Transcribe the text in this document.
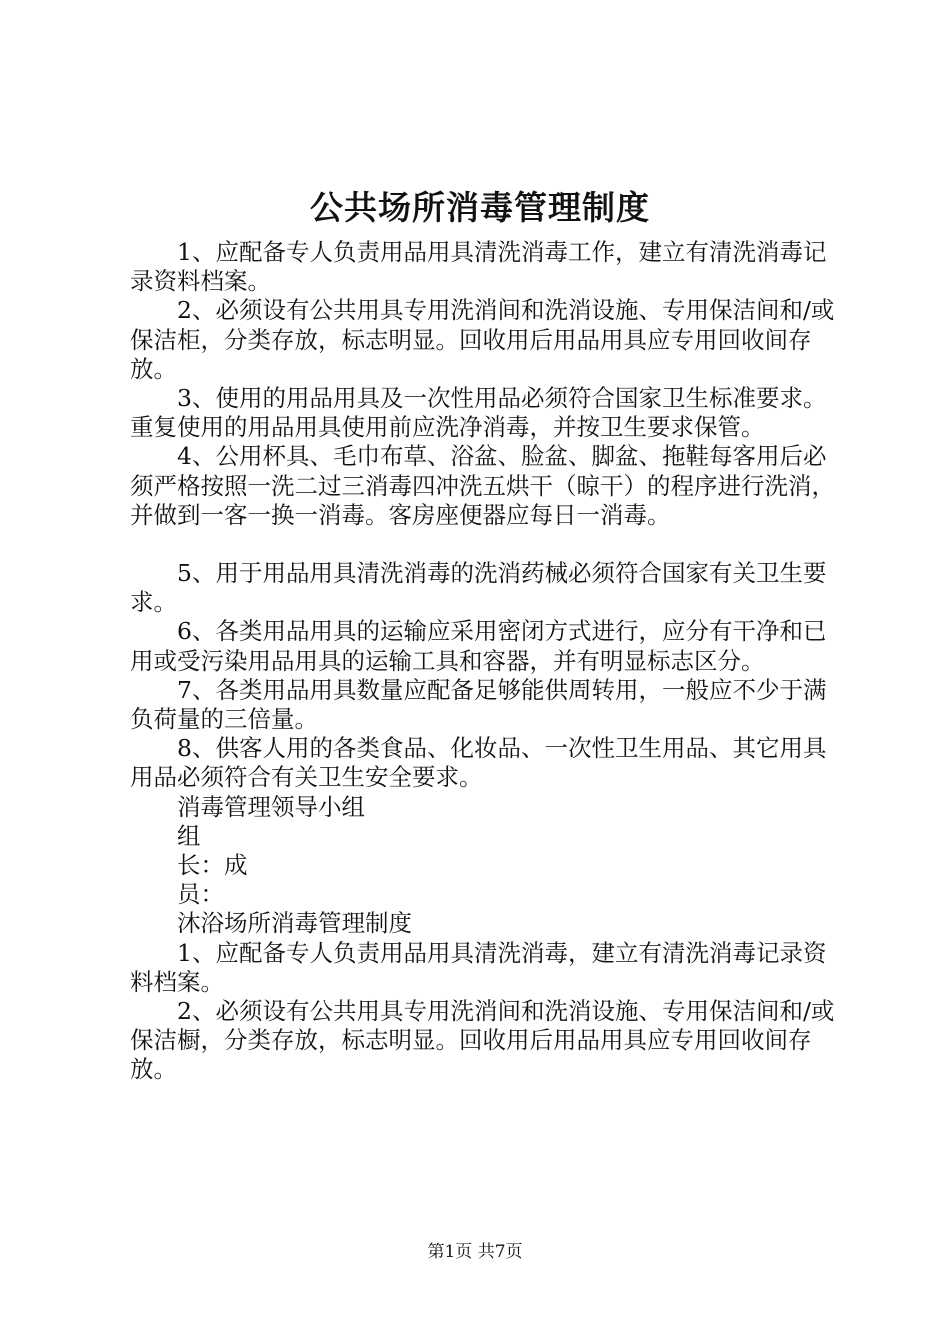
公共场所消毒管理制度

1、应配备专人负责用品用具清洗消毒工作，建立有清洗消毒记录资料档案。

2、必须设有公共用具专用洗消间和洗消设施、专用保洁间和/或保洁柜，分类存放，标志明显。回收用后用品用具应专用回收间存放。

3、使用的用品用具及一次性用品必须符合国家卫生标准要求。重复使用的用品用具使用前应洗净消毒，并按卫生要求保管。

4、公用杯具、毛巾布草、浴盆、脸盆、脚盆、拖鞋每客用后必须严格按照一洗二过三消毒四冲洗五烘干（晾干）的程序进行洗消，并做到一客一换一消毒。客房座便器应每日一消毒。

5、用于用品用具清洗消毒的洗消药械必须符合国家有关卫生要求。

6、各类用品用具的运输应采用密闭方式进行，应分有干净和已用或受污染用品用具的运输工具和容器，并有明显标志区分。

7、各类用品用具数量应配备足够能供周转用，一般应不少于满负荷量的三倍量。

8、供客人用的各类食品、化妆品、一次性卫生用品、其它用具用品必须符合有关卫生安全要求。

消毒管理领导小组

组

长：成

员：

沐浴场所消毒管理制度

1、应配备专人负责用品用具清洗消毒，建立有清洗消毒记录资料档案。

2、必须设有公共用具专用洗消间和洗消设施、专用保洁间和/或保洁橱，分类存放，标志明显。回收用后用品用具应专用回收间存放。

第1页 共7页
